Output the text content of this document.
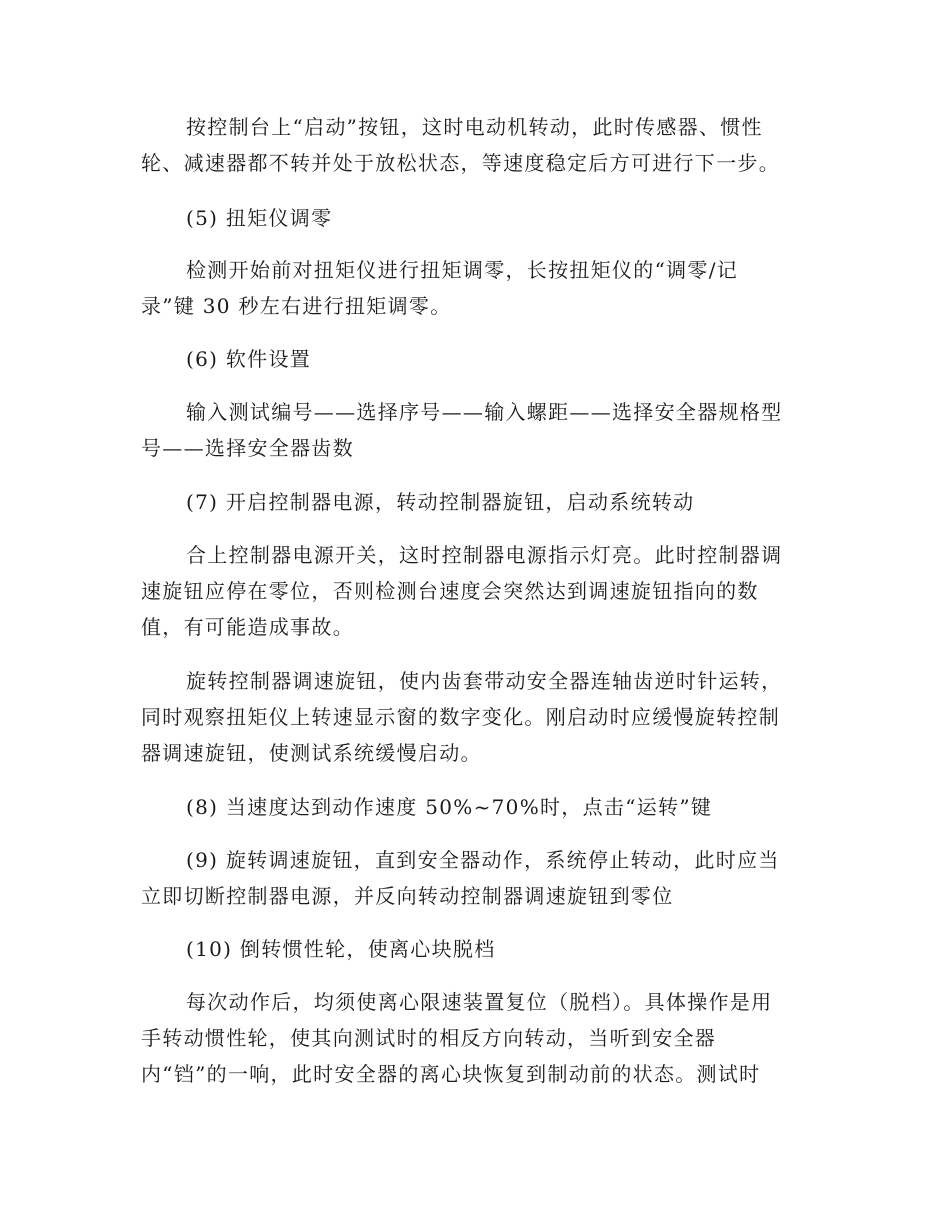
按控制台上“启动”按钮，这时电动机转动，此时传感器、惯性
轮、减速器都不转并处于放松状态，等速度稳定后方可进行下一步。
(5) 扭矩仪调零
检测开始前对扭矩仪进行扭矩调零，长按扭矩仪的“调零/记
录”键 30 秒左右进行扭矩调零。
(6) 软件设置
输入测试编号——选择序号——输入螺距——选择安全器规格型
号——选择安全器齿数
(7) 开启控制器电源，转动控制器旋钮，启动系统转动
合上控制器电源开关，这时控制器电源指示灯亮。此时控制器调
速旋钮应停在零位，否则检测台速度会突然达到调速旋钮指向的数
值，有可能造成事故。
旋转控制器调速旋钮，使内齿套带动安全器连轴齿逆时针运转，
同时观察扭矩仪上转速显示窗的数字变化。刚启动时应缓慢旋转控制
器调速旋钮，使测试系统缓慢启动。
(8) 当速度达到动作速度 50%~70%时，点击“运转”键
(9) 旋转调速旋钮，直到安全器动作，系统停止转动，此时应当
立即切断控制器电源，并反向转动控制器调速旋钮到零位
(10) 倒转惯性轮，使离心块脱档
每次动作后，均须使离心限速装置复位（脱档）。具体操作是用
手转动惯性轮，使其向测试时的相反方向转动，当听到安全器
内“铛”的一响，此时安全器的离心块恢复到制动前的状态。测试时
